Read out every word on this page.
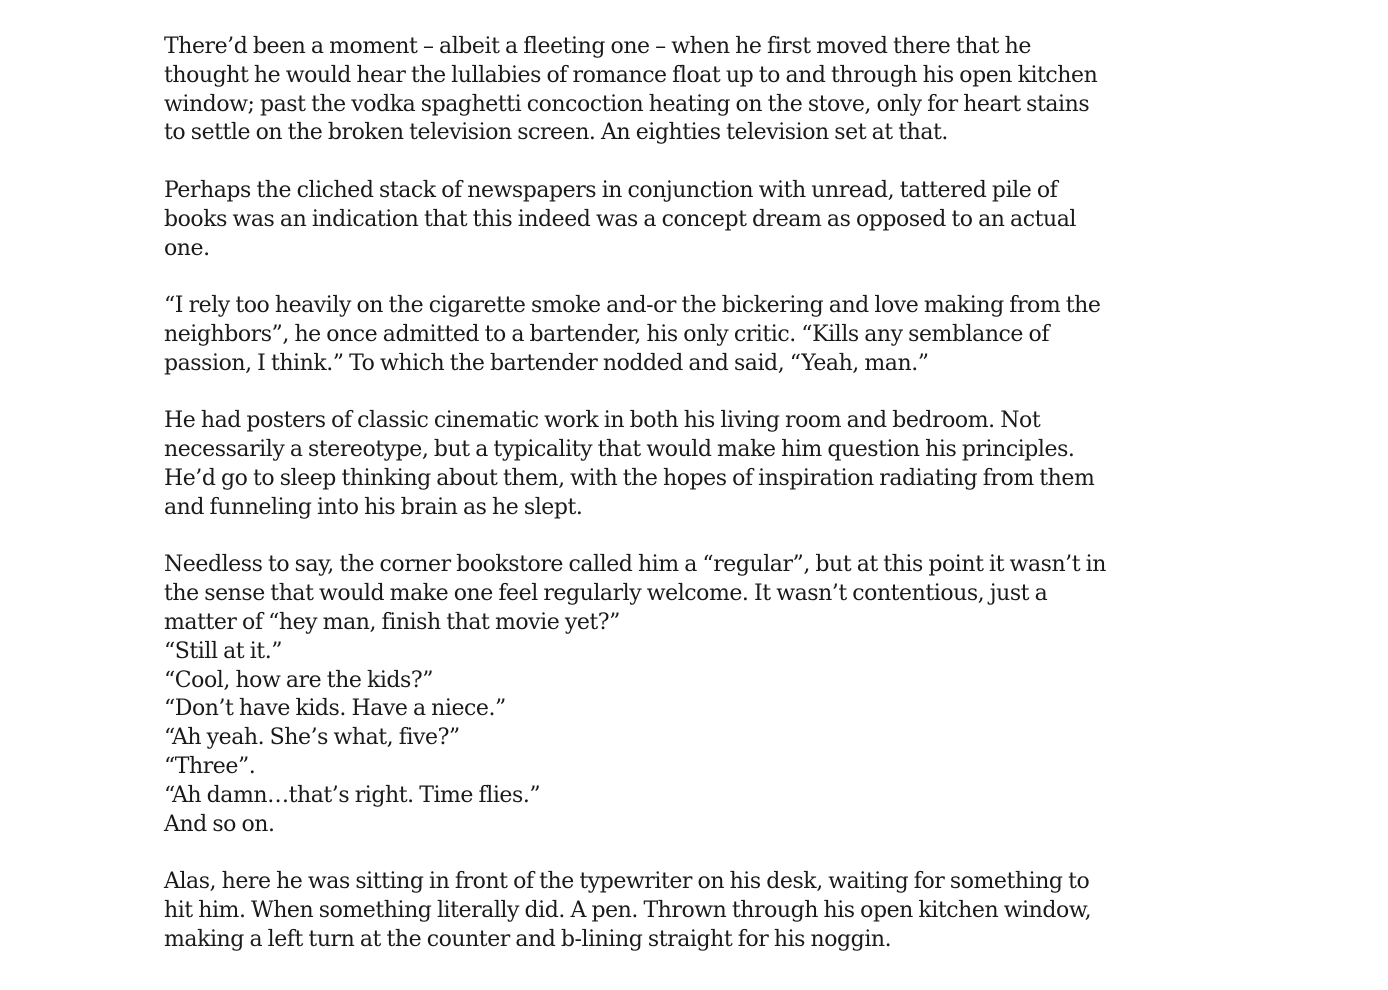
There’d been a moment – albeit a fleeting one – when he first moved there that he
thought he would hear the lullabies of romance float up to and through his open kitchen
window; past the vodka spaghetti concoction heating on the stove, only for heart stains
to settle on the broken television screen. An eighties television set at that.

Perhaps the cliched stack of newspapers in conjunction with unread, tattered pile of
books was an indication that this indeed was a concept dream as opposed to an actual
one.

“I rely too heavily on the cigarette smoke and-or the bickering and love making from the
neighbors”, he once admitted to a bartender, his only critic. “Kills any semblance of
passion, I think.” To which the bartender nodded and said, “Yeah, man.”

He had posters of classic cinematic work in both his living room and bedroom. Not
necessarily a stereotype, but a typicality that would make him question his principles.
He’d go to sleep thinking about them, with the hopes of inspiration radiating from them
and funneling into his brain as he slept.

Needless to say, the corner bookstore called him a “regular”, but at this point it wasn’t in
the sense that would make one feel regularly welcome. It wasn’t contentious, just a
matter of “hey man, finish that movie yet?”
“Still at it.”
“Cool, how are the kids?”
“Don’t have kids. Have a niece.”
“Ah yeah. She’s what, five?”
“Three”.
“Ah damn…that’s right. Time flies.”
And so on.

Alas, here he was sitting in front of the typewriter on his desk, waiting for something to
hit him. When something literally did. A pen. Thrown through his open kitchen window,
making a left turn at the counter and b-lining straight for his noggin.
